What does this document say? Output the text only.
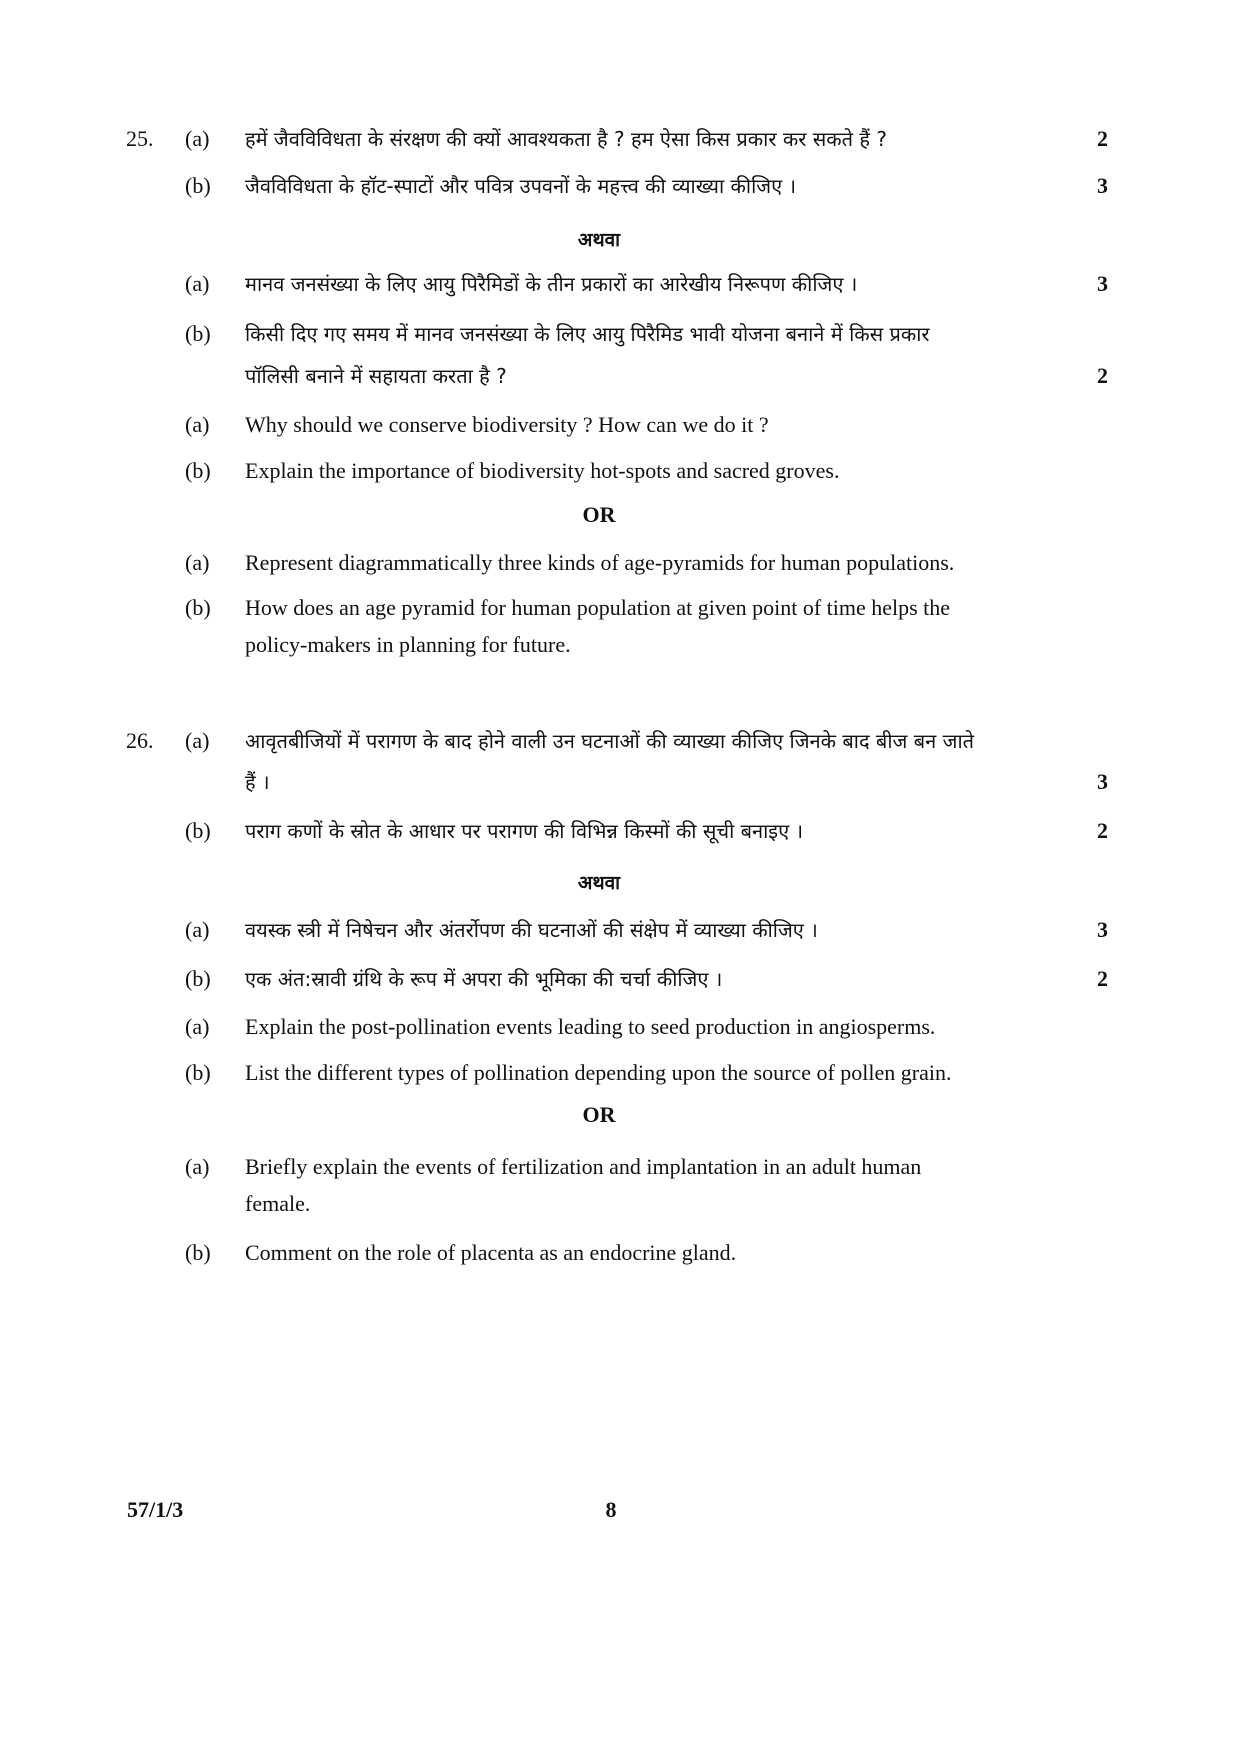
25.	(a)	हमें जैवविविधता के संरक्षण की क्यों आवश्यकता है ? हम ऐसा किस प्रकार कर सकते हैं ?	2
(b)	जैवविविधता के हॉट-स्पाटों और पवित्र उपवनों के महत्त्व की व्याख्या कीजिए ।	3
अथवा
(a)	मानव जनसंख्या के लिए आयु पिरैमिडों के तीन प्रकारों का आरेखीय निरूपण कीजिए ।	3
(b)	किसी दिए गए समय में मानव जनसंख्या के लिए आयु पिरैमिड भावी योजना बनाने में किस प्रकार
पॉलिसी बनाने में सहायता करता है ?	2
(a)	Why should we conserve biodiversity ? How can we do it ?
(b)	Explain the importance of biodiversity hot-spots and sacred groves.
OR
(a)	Represent diagrammatically three kinds of age-pyramids for human populations.
(b)	How does an age pyramid for human population at given point of time helps the
policy-makers in planning for future.
26.	(a)	आवृतबीजियों में परागण के बाद होने वाली उन घटनाओं की व्याख्या कीजिए जिनके बाद बीज बन जाते
हैं ।	3
(b)	पराग कणों के स्रोत के आधार पर परागण की विभिन्न किस्मों की सूची बनाइए ।	2
अथवा
(a)	वयस्क स्त्री में निषेचन और अंतर्रोपण की घटनाओं की संक्षेप में व्याख्या कीजिए ।	3
(b)	एक अंत:स्रावी ग्रंथि के रूप में अपरा की भूमिका की चर्चा कीजिए ।	2
(a)	Explain the post-pollination events leading to seed production in angiosperms.
(b)	List the different types of pollination depending upon the source of pollen grain.
OR
(a)	Briefly explain the events of fertilization and implantation in an adult human
female.
(b)	Comment on the role of placenta as an endocrine gland.
57/1/3	8
